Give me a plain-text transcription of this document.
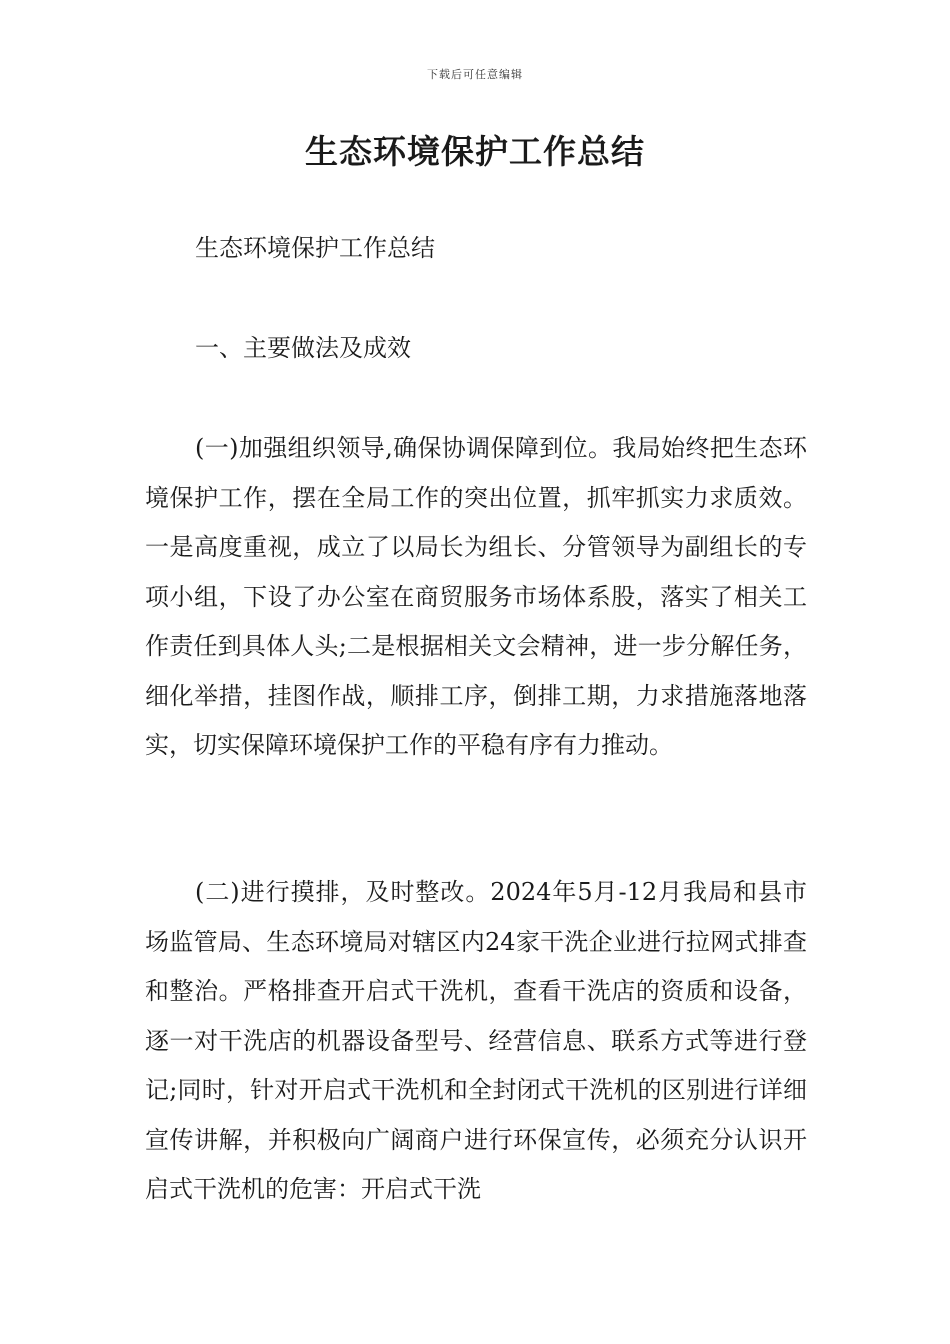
下载后可任意编辑
生态环境保护工作总结

生态环境保护工作总结

一、主要做法及成效

(一)加强组织领导,确保协调保障到位。我局始终把生态环境保护工作，摆在全局工作的突出位置，抓牢抓实力求质效。一是高度重视，成立了以局长为组长、分管领导为副组长的专项小组，下设了办公室在商贸服务市场体系股，落实了相关工作责任到具体人头;二是根据相关文会精神，进一步分解任务，细化举措，挂图作战，顺排工序，倒排工期，力求措施落地落实，切实保障环境保护工作的平稳有序有力推动。

(二)进行摸排，及时整改。2024年5月-12月我局和县市场监管局、生态环境局对辖区内24家干洗企业进行拉网式排查和整治。严格排查开启式干洗机，查看干洗店的资质和设备，逐一对干洗店的机器设备型号、经营信息、联系方式等进行登记;同时，针对开启式干洗机和全封闭式干洗机的区别进行详细宣传讲解，并积极向广阔商户进行环保宣传，必须充分认识开启式干洗机的危害：开启式干洗
